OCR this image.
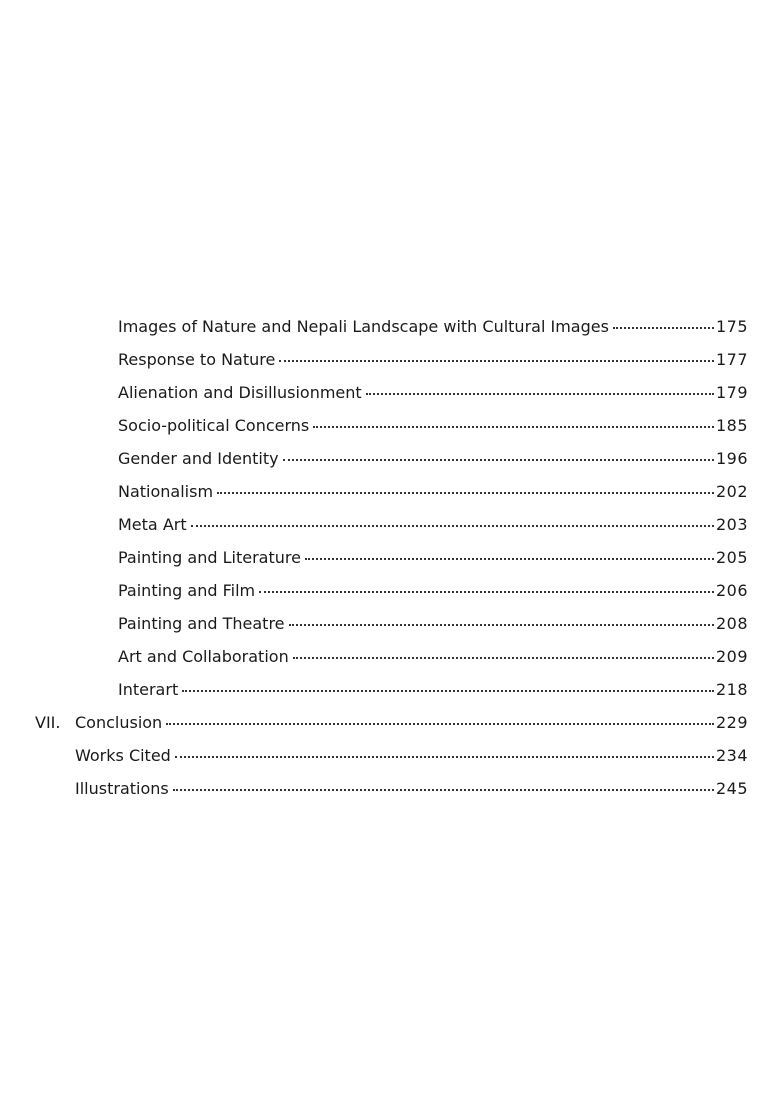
Images of Nature and Nepali Landscape with Cultural Images	175
Response to Nature	177
Alienation and Disillusionment	179
Socio-political Concerns	185
Gender and Identity	196
Nationalism	202
Meta Art	203
Painting and Literature	205
Painting and Film	206
Painting and Theatre	208
Art and Collaboration	209
Interart	218
VII. Conclusion	229
Works Cited	234
Illustrations	245
